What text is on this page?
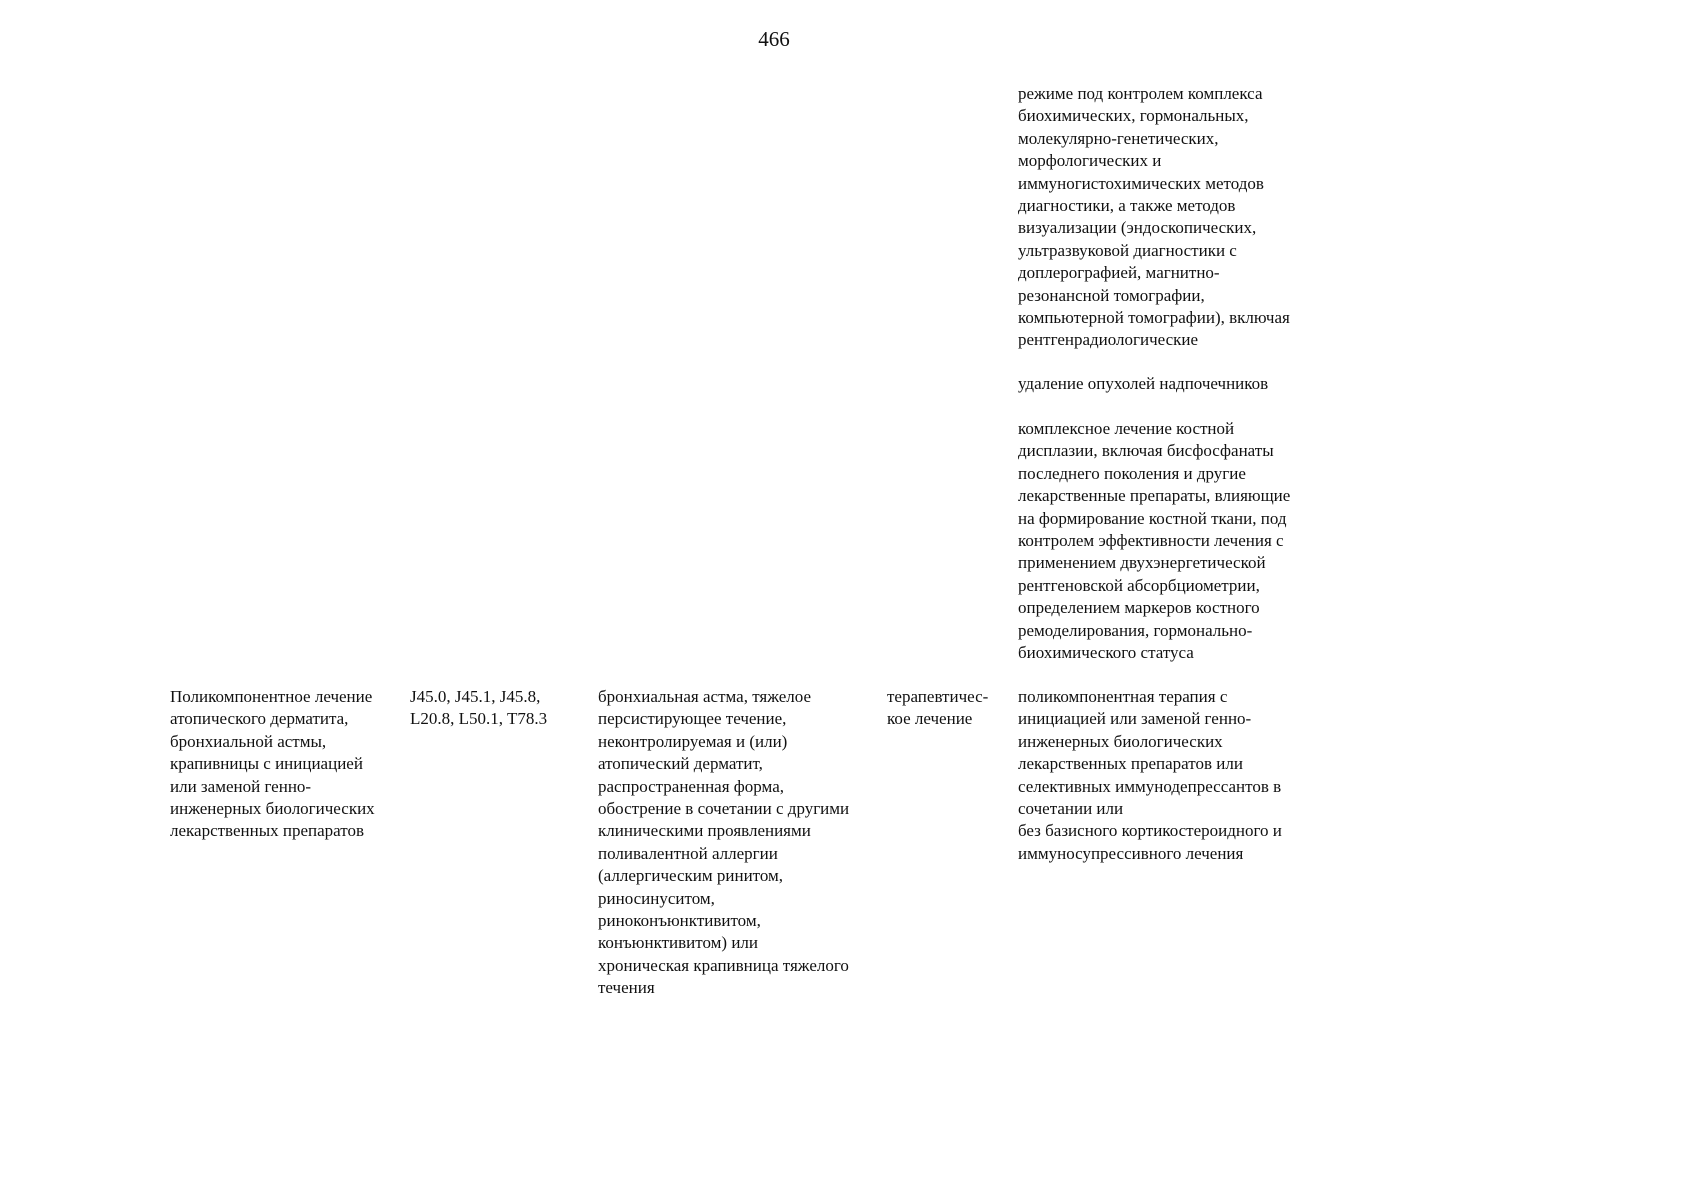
466
режиме под контролем комплекса
биохимических, гормональных,
молекулярно-генетических,
морфологических и
иммуногистохимических методов
диагностики, а также методов
визуализации (эндоскопических,
ультразвуковой диагностики с
доплерографией, магнитно-
резонансной томографии,
компьютерной томографии), включая
рентгенрадиологические
удаление опухолей надпочечников
комплексное лечение костной
дисплазии, включая бисфосфанаты
последнего поколения и другие
лекарственные препараты, влияющие
на формирование костной ткани, под
контролем эффективности лечения с
применением двухэнергетической
рентгеновской абсорбциометрии,
определением маркеров костного
ремоделирования, гормонально-
биохимического статуса
Поликомпонентное лечение
атопического дерматита,
бронхиальной астмы,
крапивницы с инициацией
или заменой генно-
инженерных биологических
лекарственных препаратов
J45.0, J45.1, J45.8,
L20.8, L50.1, T78.3
бронхиальная астма, тяжелое
персистирующее течение,
неконтролируемая и (или)
атопический дерматит,
распространенная форма,
обострение в сочетании с другими
клиническими проявлениями
поливалентной аллергии
(аллергическим ринитом,
риносинуситом,
риноконъюнктивитом,
конъюнктивитом) или
хроническая крапивница тяжелого
течения
терапевтичес-
кое лечение
поликомпонентная терапия с
инициацией или заменой генно-
инженерных биологических
лекарственных препаратов или
селективных иммунодепрессантов в
сочетании или
без базисного кортикостероидного и
иммуносупрессивного лечения
